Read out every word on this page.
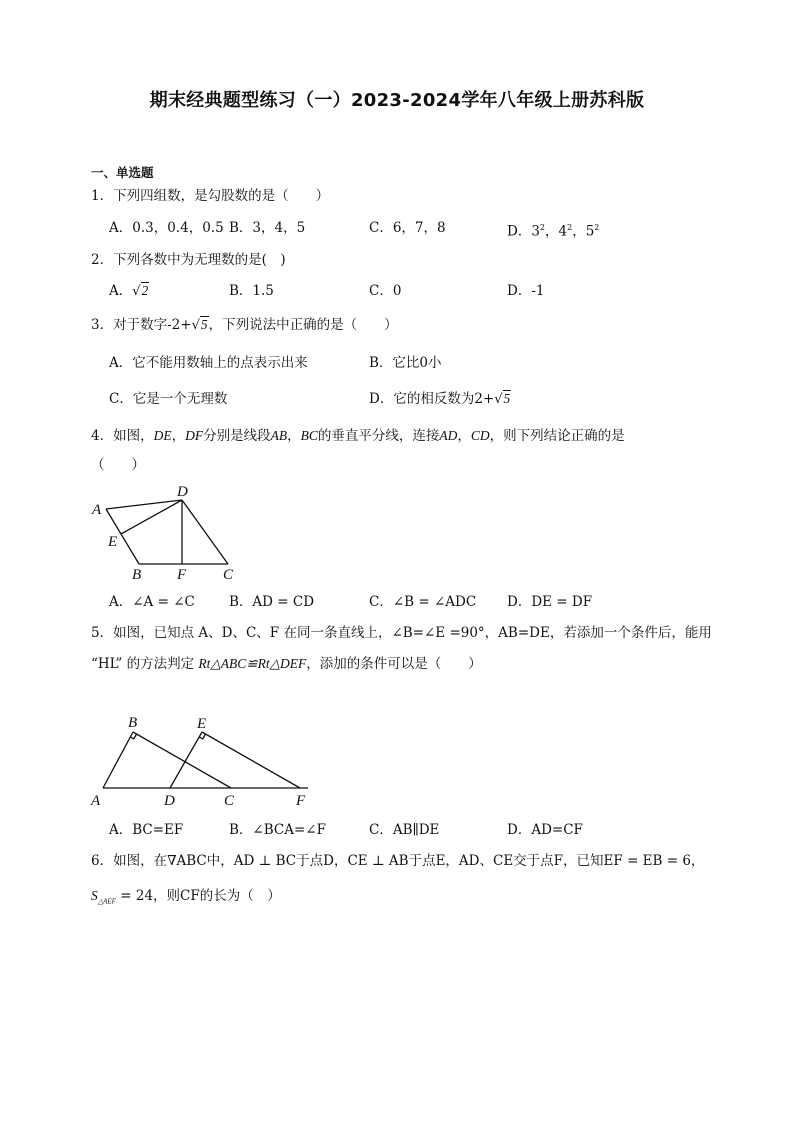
期末经典题型练习（一）2023-2024学年八年级上册苏科版
一、单选题
1．下列四组数，是勾股数的是（　　）
A．0.3，0.4，0.5 B．3，4，5	C．6，7，8	D．$3^2$，$4^2$，$5^2$
2．下列各数中为无理数的是(　)
A．√2	B．1.5	C．0	D．-1
3．对于数字-2+√5，下列说法中正确的是（　　）
A．它不能用数轴上的点表示出来	B．它比0小
C．它是一个无理数	D．它的相反数为2+√5
4．如图，DE，DF分别是线段AB，BC的垂直平分线，连接AD，CD，则下列结论正确的是
（　　）
A
D
E
B F C
A．∠A = ∠C	B．AD = CD	C．∠B = ∠ADC D．DE = DF
5．如图，已知点 A、D、C、F 在同一条直线上，∠B=∠E =90°，AB=DE，若添加一个条件后，能用
“HL” 的方法判定 Rt△ABC≌Rt△DEF，添加的条件可以是（　　）
B	E
A	D	C	F
A．BC=EF	B．∠BCA=∠F	C．AB∥DE	D．AD=CF
6．如图，在∇ABC中，AD ⊥ BC于点D，CE ⊥ AB于点E，AD、CE交于点F，已知EF = EB = 6，
$S_{\triangle AEF} = 24$，则CF的长为（　）
